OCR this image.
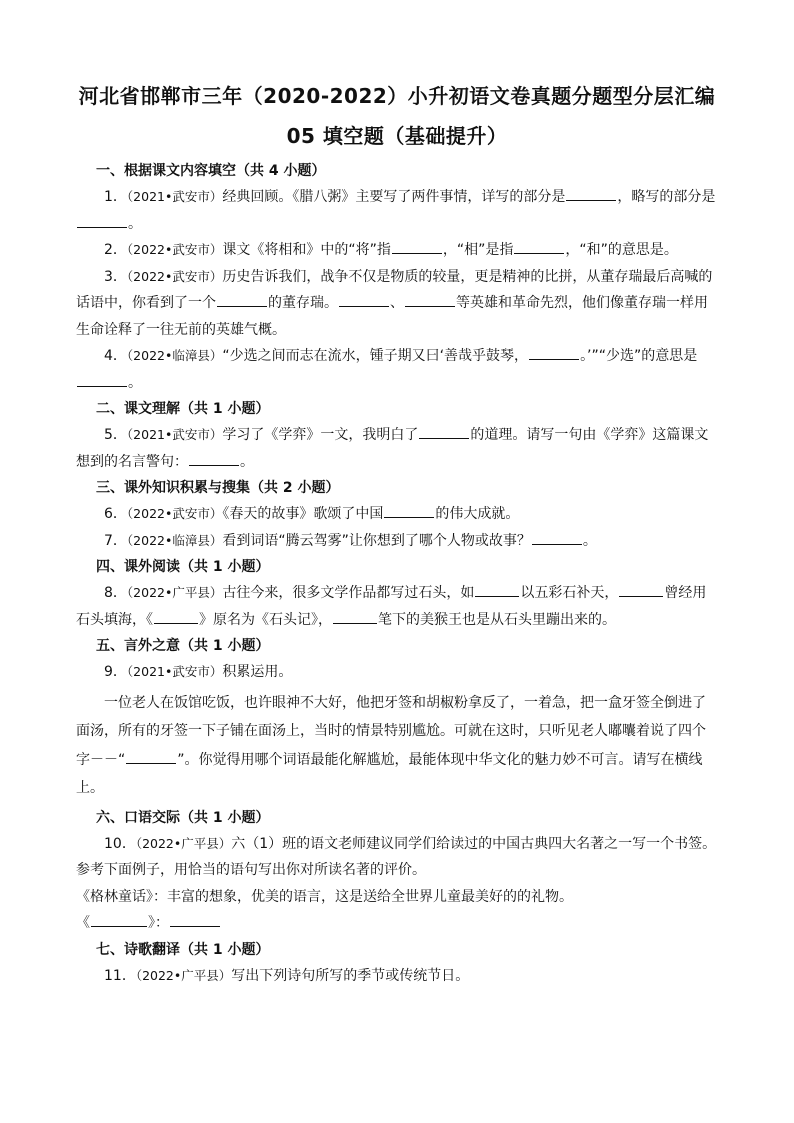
河北省邯郸市三年（2020-2022）小升初语文卷真题分题型分层汇编
05 填空题（基础提升）
一、根据课文内容填空（共 4 小题）

1．（2021•武安市）经典回顾。《腊八粥》主要写了两件事情，详写的部分是	，略写的部分是。

2．（2022•武安市）课文《将相和》中的“将”指	，“相”是指	，“和”的意思是。

3．（2022•武安市）历史告诉我们，战争不仅是物质的较量，更是精神的比拼，从董存瑞最后高喊的话语中，你看到了一个	的董存瑞。	、	等英雄和革命先烈，他们像董存瑞一样用生命诠释了一往无前的英雄气概。

4．（2022•临漳县）“少选之间而志在流水，锺子期又曰‘善哉乎鼓琴，	。’”“少选”的意思是。

二、课文理解（共 1 小题）

5．（2021•武安市）学习了《学弈》一文，我明白了	的道理。请写一句由《学弈》这篇课文想到的名言警句：	。

三、课外知识积累与搜集（共 2 小题）

6．（2022•武安市）《春天的故事》歌颂了中国	的伟大成就。

7．（2022•临漳县）看到词语“腾云驾雾”让你想到了哪个人物或故事？	。

四、课外阅读（共 1 小题）

8．（2022•广平县）古往今来，很多文学作品都写过石头，如	以五彩石补天，	曾经用石头填海，《	》原名为《石头记》，	笔下的美猴王也是从石头里蹦出来的。

五、言外之意（共 1 小题）

9．（2021•武安市）积累运用。

一位老人在饭馆吃饭，也许眼神不大好，他把牙签和胡椒粉拿反了，一着急，把一盒牙签全倒进了面汤，所有的牙签一下子铺在面汤上，当时的情景特别尴尬。可就在这时，只听见老人嘟囔着说了四个字－－“	”。你觉得用哪个词语最能化解尴尬，最能体现中华文化的魅力妙不可言。请写在横线上。

六、口语交际（共 1 小题）

10．（2022•广平县）六（1）班的语文老师建议同学们给读过的中国古典四大名著之一写一个书签。参考下面例子，用恰当的语句写出你对所读名著的评价。

《格林童话》：丰富的想象，优美的语言，这是送给全世界儿童最美好的的礼物。

《	》：

七、诗歌翻译（共 1 小题）

11．（2022•广平县）写出下列诗句所写的季节或传统节日。
